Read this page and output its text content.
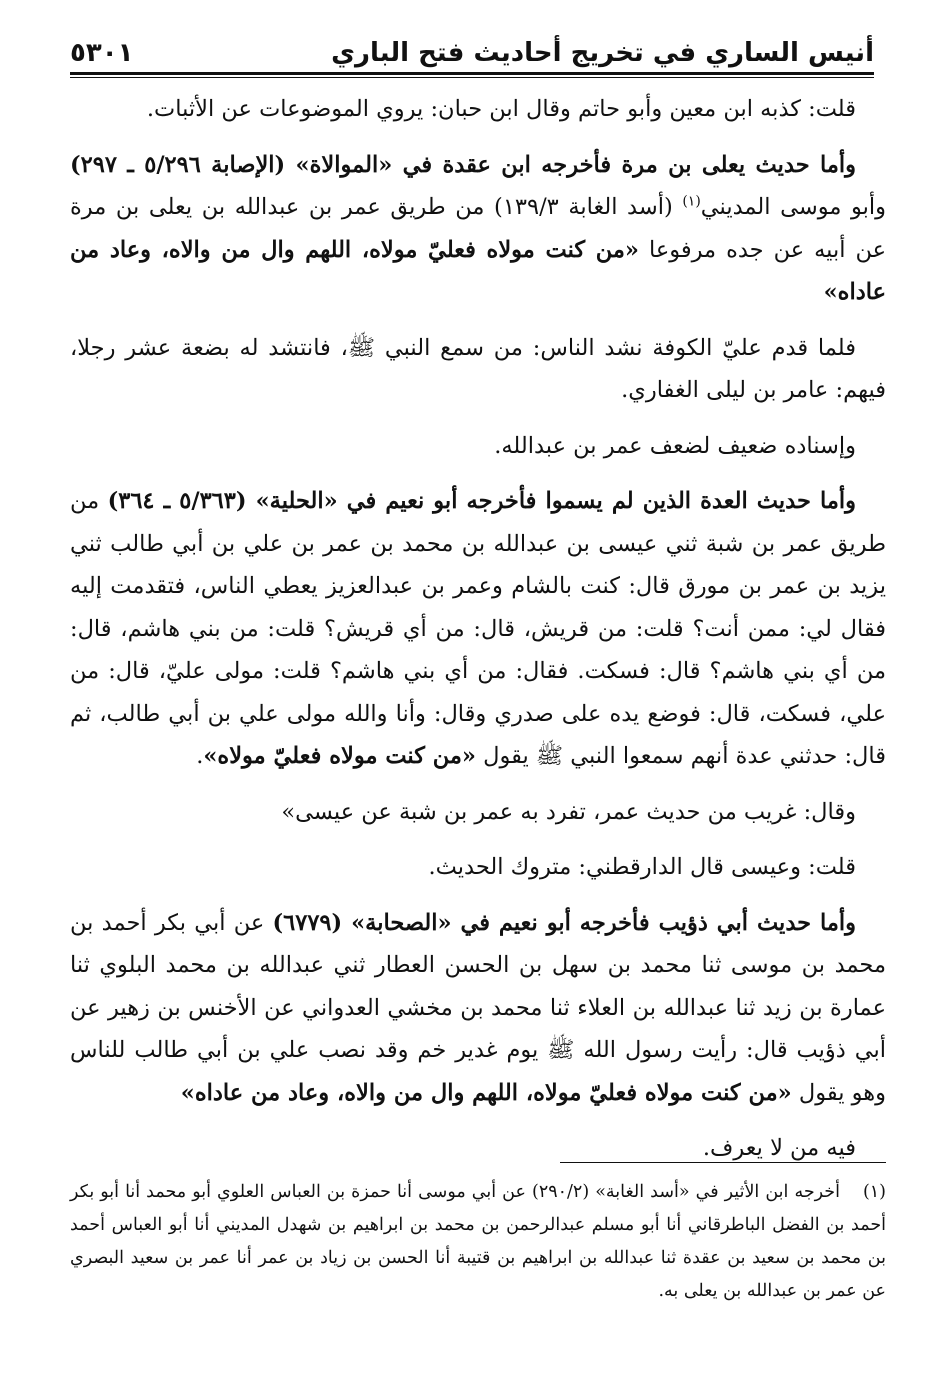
أنيس الساري في تخريج أحاديث فتح الباري
٥٣٠١

قلت: كذبه ابن معين وأبو حاتم وقال ابن حبان: يروي الموضوعات عن الأثبات.

وأما حديث يعلى بن مرة فأخرجه ابن عقدة في «الموالاة» (الإصابة ٥/٢٩٦ ـ ٢٩٧) وأبو موسى المديني$^{(١)}$ (أسد الغابة ١٣٩/٣) من طريق عمر بن عبدالله بن يعلى بن مرة عن أبيه عن جده مرفوعا «من كنت مولاه فعليّ مولاه، اللهم وال من والاه، وعاد من عاداه»

فلما قدم عليّ الكوفة نشد الناس: من سمع النبي ﷺ، فانتشد له بضعة عشر رجلا، فيهم: عامر بن ليلى الغفاري.

وإسناده ضعيف لضعف عمر بن عبدالله.

وأما حديث العدة الذين لم يسموا فأخرجه أبو نعيم في «الحلية» (٥/٣٦٣ ـ ٣٦٤) من طريق عمر بن شبة ثني عيسى بن عبدالله بن محمد بن عمر بن علي بن أبي طالب ثني يزيد بن عمر بن مورق قال: كنت بالشام وعمر بن عبدالعزيز يعطي الناس، فتقدمت إليه فقال لي: ممن أنت؟ قلت: من قريش، قال: من أي قريش؟ قلت: من بني هاشم، قال: من أي بني هاشم؟ قال: فسكت. فقال: من أي بني هاشم؟ قلت: مولى عليّ، قال: من علي، فسكت، قال: فوضع يده على صدري وقال: وأنا والله مولى علي بن أبي طالب، ثم قال: حدثني عدة أنهم سمعوا النبي ﷺ يقول «من كنت مولاه فعليّ مولاه».

وقال: غريب من حديث عمر، تفرد به عمر بن شبة عن عيسى»

قلت: وعيسى قال الدارقطني: متروك الحديث.

وأما حديث أبي ذؤيب فأخرجه أبو نعيم في «الصحابة» (٦٧٧٩) عن أبي بكر أحمد بن محمد بن موسى ثنا محمد بن سهل بن الحسن العطار ثني عبدالله بن محمد البلوي ثنا عمارة بن زيد ثنا عبدالله بن العلاء ثنا محمد بن مخشي العدواني عن الأخنس بن زهير عن أبي ذؤيب قال: رأيت رسول الله ﷺ يوم غدير خم وقد نصب علي بن أبي طالب للناس وهو يقول «من كنت مولاه فعليّ مولاه، اللهم وال من والاه، وعاد من عاداه»

فيه من لا يعرف.

(١)أخرجه ابن الأثير في «أسد الغابة» (٢٩٠/٢) عن أبي موسى أنا حمزة بن العباس العلوي أبو محمد أنا أبو بكر أحمد بن الفضل الباطرقاني أنا أبو مسلم عبدالرحمن بن محمد بن ابراهيم بن شهدل المديني أنا أبو العباس أحمد بن محمد بن سعيد بن عقدة ثنا عبدالله بن ابراهيم بن قتيبة أنا الحسن بن زياد بن عمر أنا عمر بن سعيد البصري عن عمر بن عبدالله بن يعلى به.
